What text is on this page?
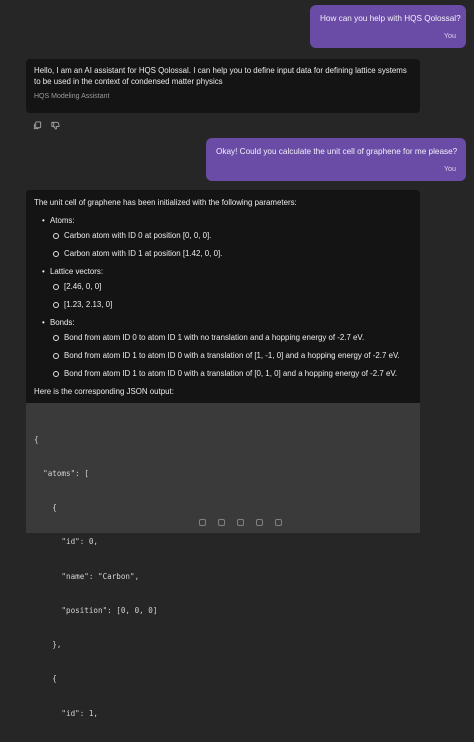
How can you help with HQS Qolossal?
You
Hello, I am an AI assistant for HQS Qolossal. I can help you to define input data for defining lattice systems to be used in the context of condensed matter physics
HQS Modeling Assistant
Okay! Could you calculate the unit cell of graphene for me please?
You

The unit cell of graphene has been initialized with the following parameters:

• Atoms:
Carbon atom with ID 0 at position [0, 0, 0].
Carbon atom with ID 1 at position [1.42, 0, 0].
• Lattice vectors:
[2.46, 0, 0]
[1.23, 2.13, 0]
• Bonds:
Bond from atom ID 0 to atom ID 1 with no translation and a hopping energy of -2.7 eV.
Bond from atom ID 1 to atom ID 0 with a translation of [1, -1, 0] and a hopping energy of -2.7 eV.
Bond from atom ID 1 to atom ID 0 with a translation of [0, 1, 0] and a hopping energy of -2.7 eV.

Here is the corresponding JSON output:

{

"atoms": [

{

"id": 0,

"name": "Carbon",

"position": [0, 0, 0]

},

{

"id": 1,
